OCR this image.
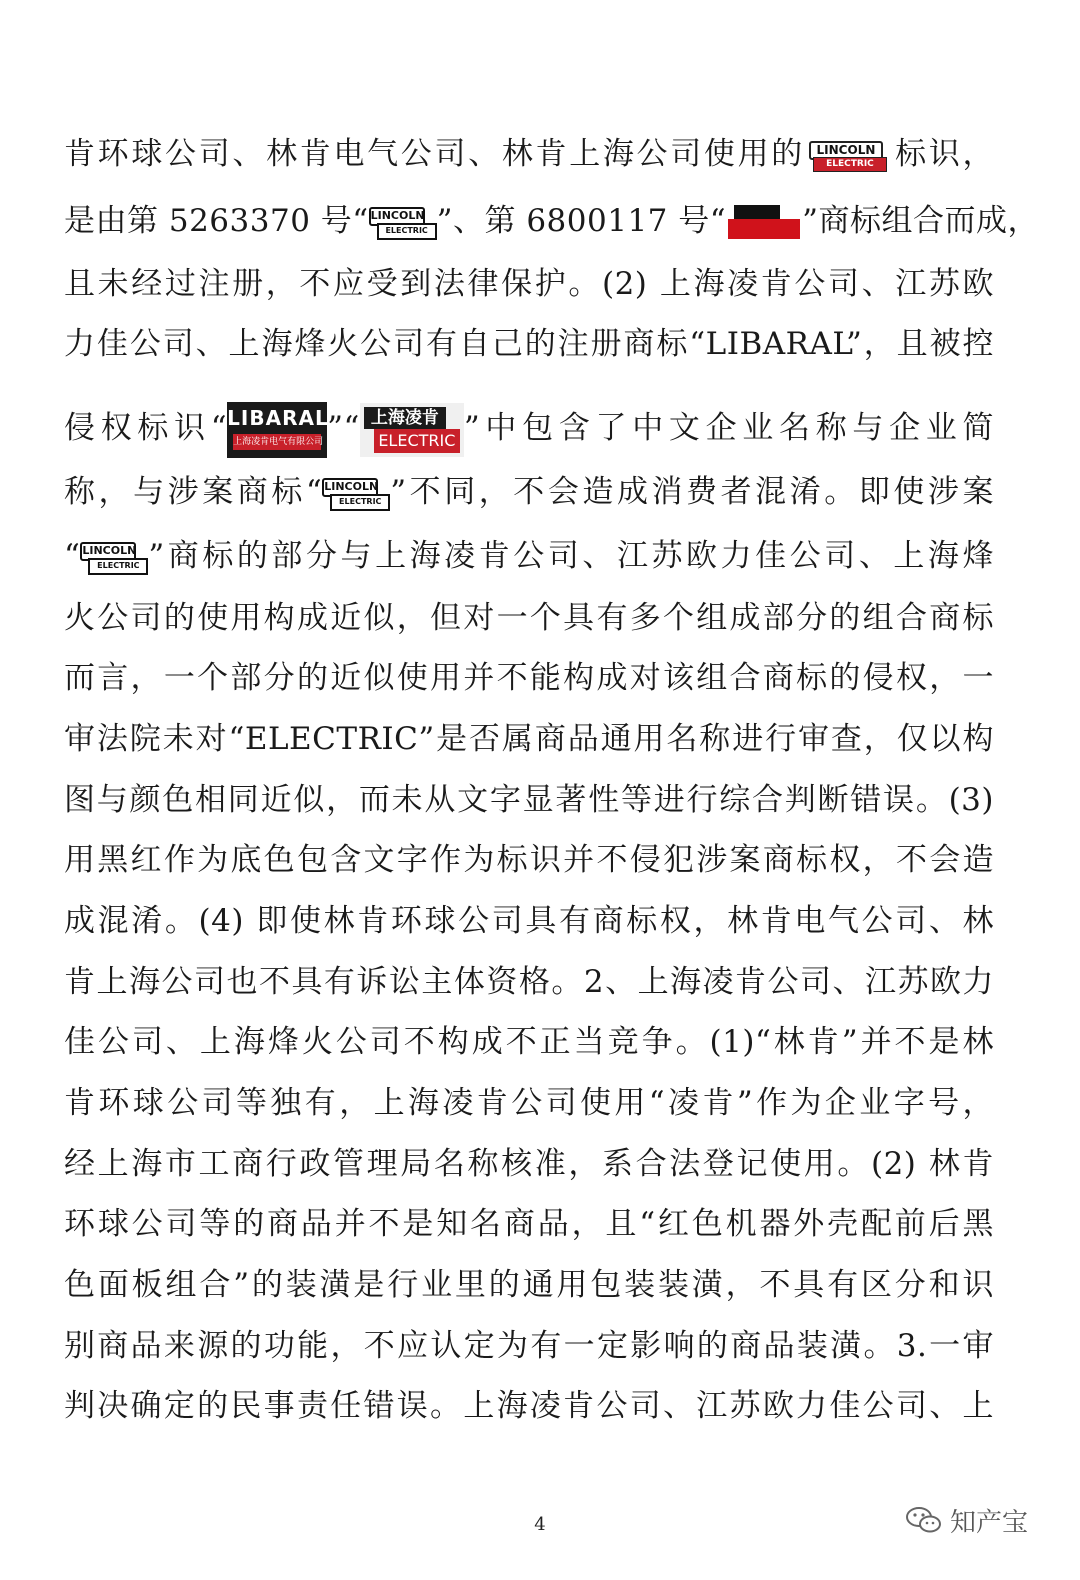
肯环球公司、林肯电气公司、林肯上海公司使用的 LINCOLN
ELECTRIC 标识，
是由第 5263370 号“ LINCOLN
ELECTRIC ”、第 6800117 号“ ”商标组合而成，
且未经过注册，不应受到法律保护。(2) 上海凌肯公司、江苏欧
力佳公司、上海烽火公司有自己的注册商标“LIBARAL”，且被控
侵权标识“ LIBARAL
上海凌肯电气有限公司 ”“ 上海凌肯
ELECTRIC ”中包含了中文企业名称与企业简
称，与涉案商标“ LINCOLN
ELECTRIC ”不同，不会造成消费者混淆。即使涉案
“ LINCOLN
ELECTRIC ”商标的部分与上海凌肯公司、江苏欧力佳公司、上海烽
火公司的使用构成近似，但对一个具有多个组成部分的组合商标
而言，一个部分的近似使用并不能构成对该组合商标的侵权，一
审法院未对“ELECTRIC”是否属商品通用名称进行审查，仅以构
图与颜色相同近似，而未从文字显著性等进行综合判断错误。(3)
用黑红作为底色包含文字作为标识并不侵犯涉案商标权，不会造
成混淆。(4) 即使林肯环球公司具有商标权，林肯电气公司、林
肯上海公司也不具有诉讼主体资格。2、上海凌肯公司、江苏欧力
佳公司、上海烽火公司不构成不正当竞争。(1)“林肯”并不是林
肯环球公司等独有，上海凌肯公司使用“凌肯”作为企业字号，
经上海市工商行政管理局名称核准，系合法登记使用。(2) 林肯
环球公司等的商品并不是知名商品，且“红色机器外壳配前后黑
色面板组合”的装潢是行业里的通用包装装潢，不具有区分和识
别商品来源的功能，不应认定为有一定影响的商品装潢。3.一审
判决确定的民事责任错误。上海凌肯公司、江苏欧力佳公司、上
4	知产宝
